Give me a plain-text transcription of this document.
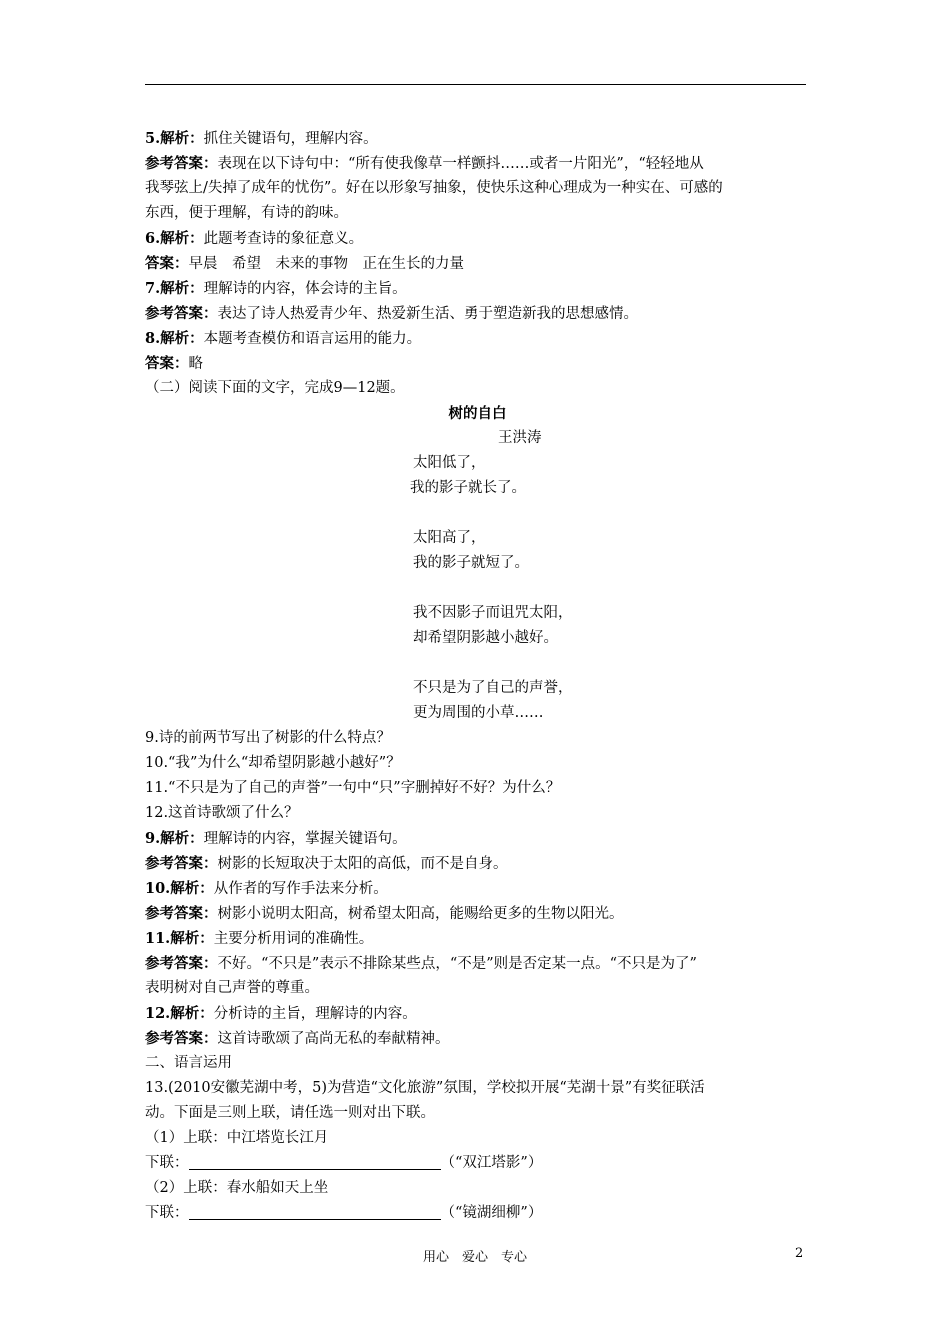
5.解析：抓住关键语句，理解内容。
参考答案：表现在以下诗句中：“所有使我像草一样颤抖……或者一片阳光”，“轻轻地从
我琴弦上/失掉了成年的忧伤”。好在以形象写抽象，使快乐这种心理成为一种实在、可感的
东西，便于理解，有诗的韵味。
6.解析：此题考查诗的象征意义。
答案：早晨　希望　未来的事物　正在生长的力量
7.解析：理解诗的内容，体会诗的主旨。
参考答案：表达了诗人热爱青少年、热爱新生活、勇于塑造新我的思想感情。
8.解析：本题考查模仿和语言运用的能力。
答案：略
（二）阅读下面的文字，完成9—12题。
树的自白
王洪涛
太阳低了，
我的影子就长了。
太阳高了，
我的影子就短了。
我不因影子而诅咒太阳，
却希望阴影越小越好。
不只是为了自己的声誉，
更为周围的小草……
9.诗的前两节写出了树影的什么特点？
10.“我”为什么“却希望阴影越小越好”？
11.“不只是为了自己的声誉”一句中“只”字删掉好不好？为什么？
12.这首诗歌颂了什么？
9.解析：理解诗的内容，掌握关键语句。
参考答案：树影的长短取决于太阳的高低，而不是自身。
10.解析：从作者的写作手法来分析。
参考答案：树影小说明太阳高，树希望太阳高，能赐给更多的生物以阳光。
11.解析：主要分析用词的准确性。
参考答案：不好。“不只是”表示不排除某些点，“不是”则是否定某一点。“不只是为了”
表明树对自己声誉的尊重。
12.解析：分析诗的主旨，理解诗的内容。
参考答案：这首诗歌颂了高尚无私的奉献精神。
二、语言运用
13.(2010安徽芜湖中考，5)为营造“文化旅游”氛围，学校拟开展“芜湖十景”有奖征联活
动。下面是三则上联，请任选一则对出下联。
（1）上联：中江塔览长江月
下联：	（“双江塔影”）
（2）上联：春水船如天上坐
下联：	（“镜湖细柳”）
用心　爱心　专心	2
